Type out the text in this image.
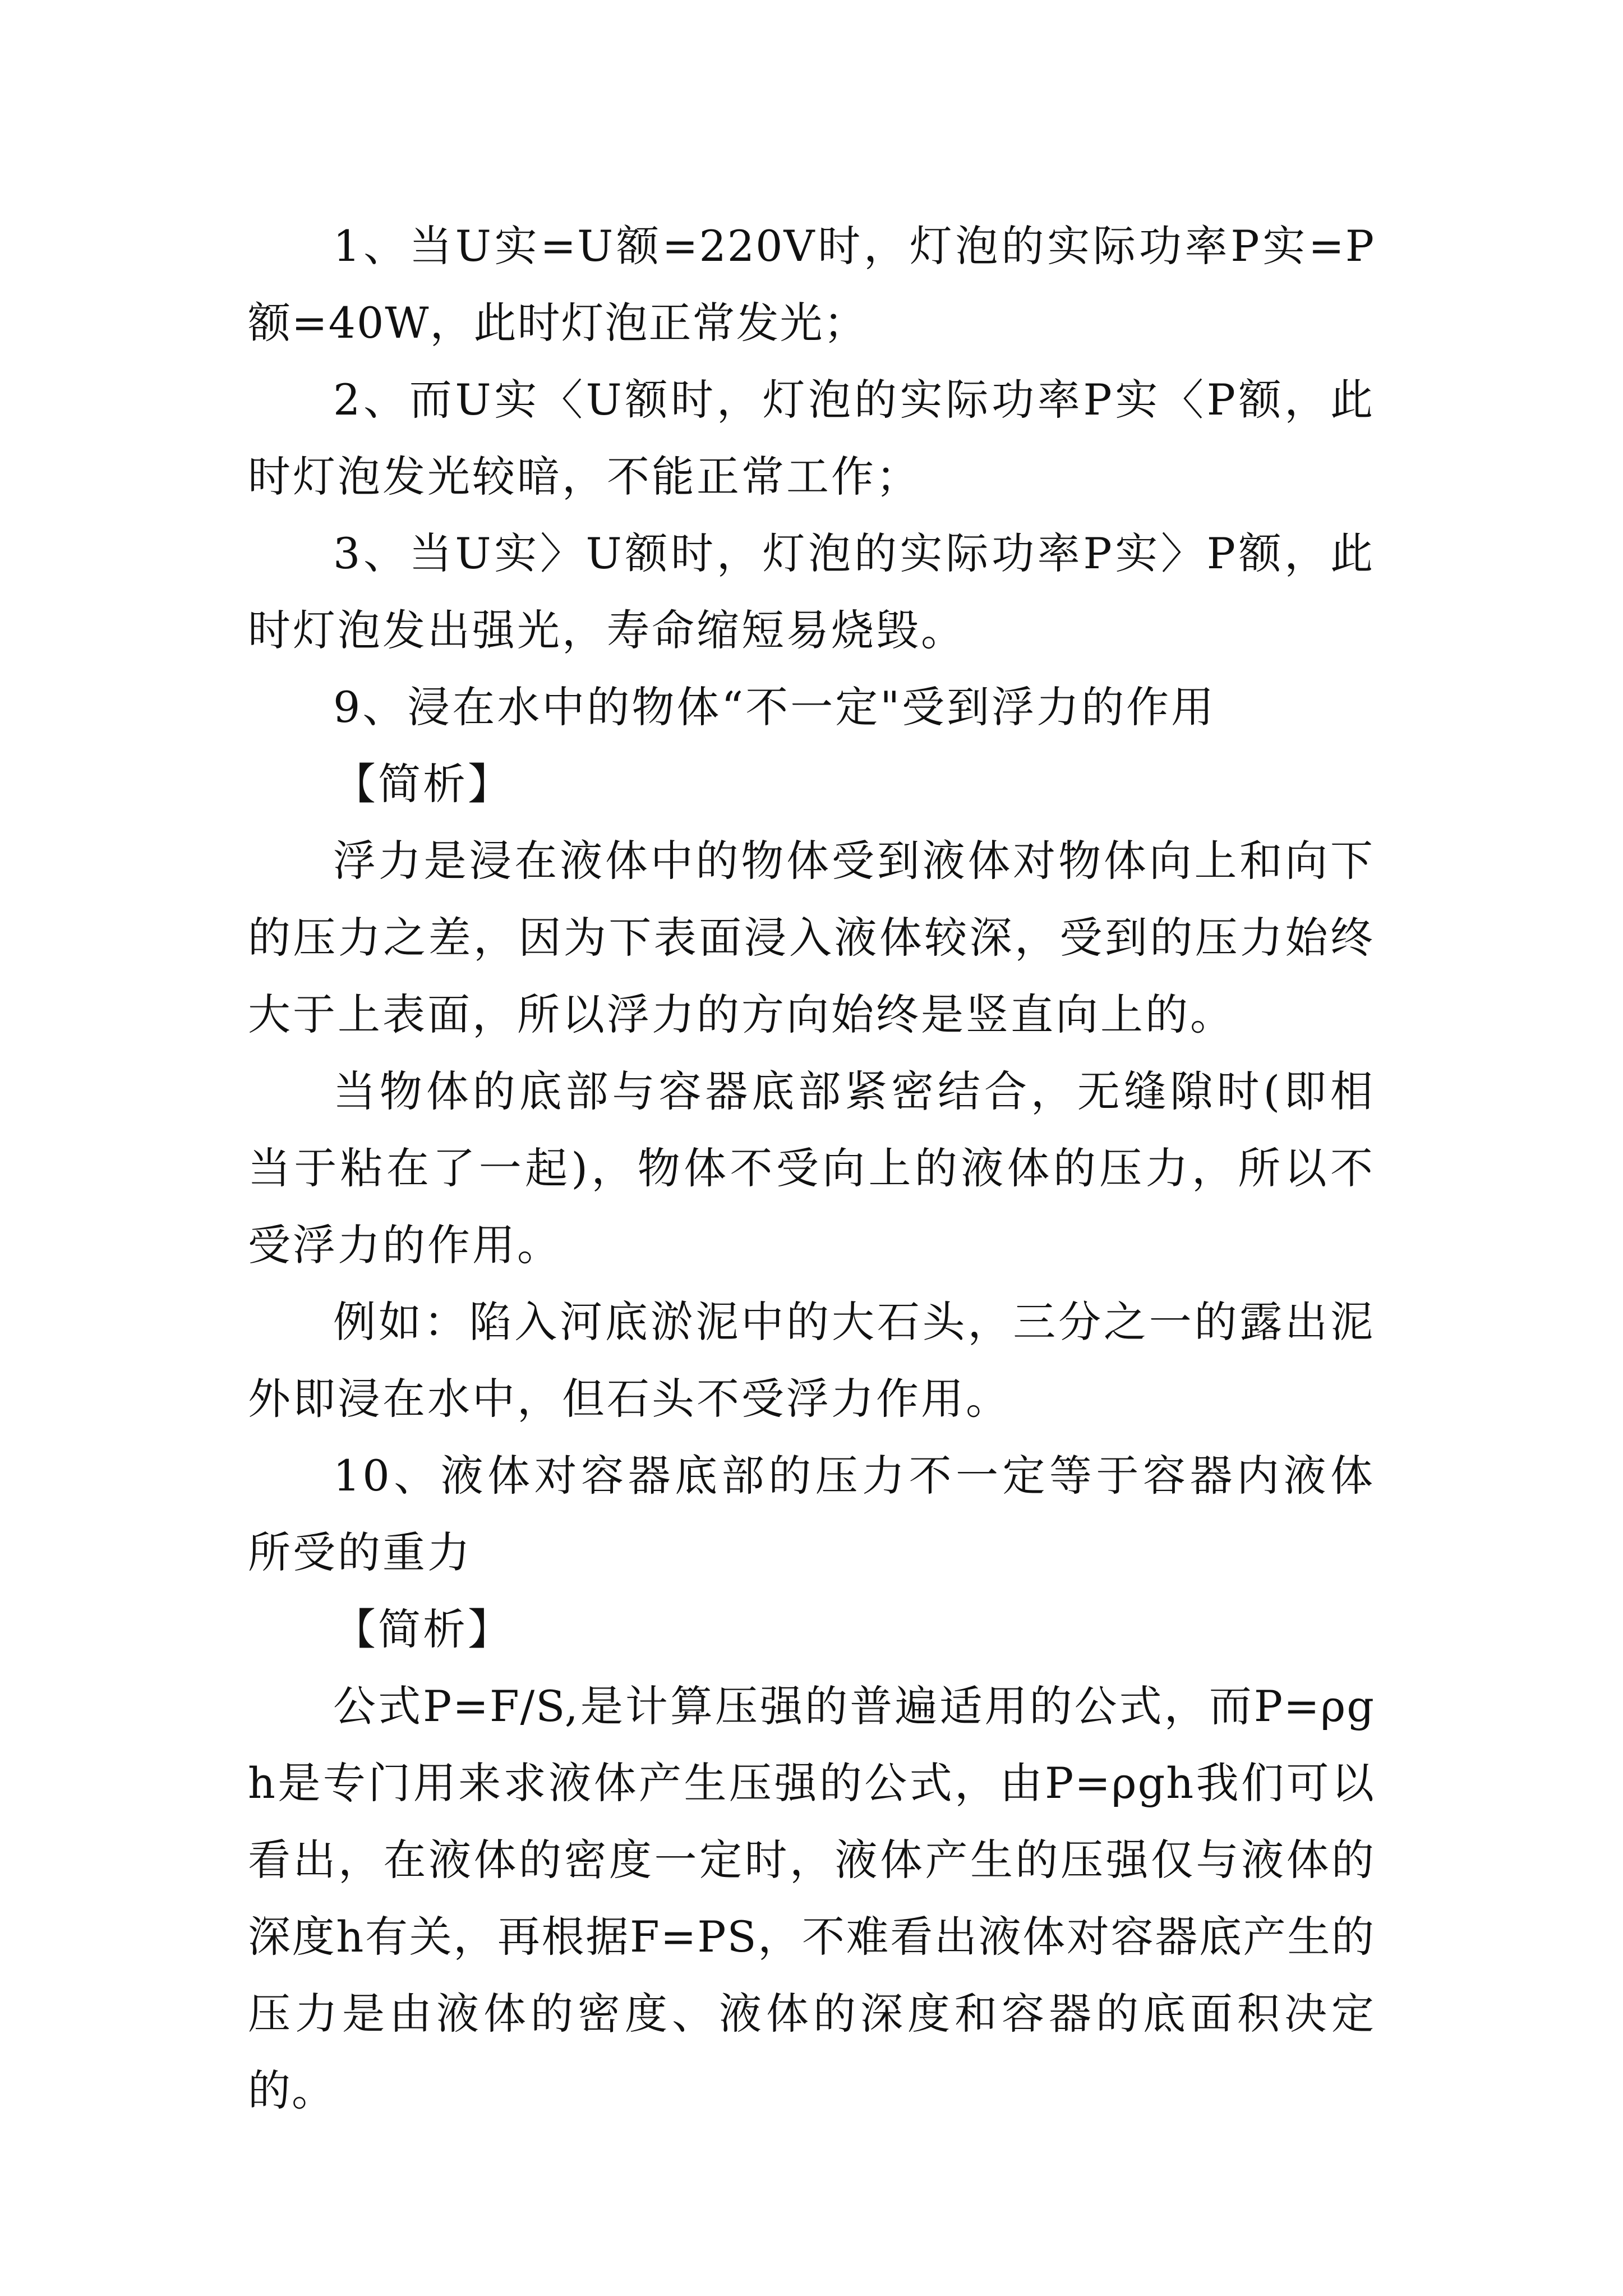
1、当U实=U额=220V时，灯泡的实际功率P实=P额=40W，此时灯泡正常发光；

2、而U实〈U额时，灯泡的实际功率P实〈P额，此时灯泡发光较暗，不能正常工作；

3、当U实〉U额时，灯泡的实际功率P实〉P额，此时灯泡发出强光，寿命缩短易烧毁。

9、浸在水中的物体“不一定"受到浮力的作用

【简析】

浮力是浸在液体中的物体受到液体对物体向上和向下的压力之差，因为下表面浸入液体较深，受到的压力始终大于上表面，所以浮力的方向始终是竖直向上的。

当物体的底部与容器底部紧密结合，无缝隙时(即相当于粘在了一起)，物体不受向上的液体的压力，所以不受浮力的作用。

例如：陷入河底淤泥中的大石头，三分之一的露出泥外即浸在水中，但石头不受浮力作用。

10、液体对容器底部的压力不一定等于容器内液体所受的重力

【简析】

公式P=F/S,是计算压强的普遍适用的公式，而P=ρgh是专门用来求液体产生压强的公式，由P=ρgh我们可以看出，在液体的密度一定时，液体产生的压强仅与液体的深度h有关，再根据F=PS，不难看出液体对容器底产生的压力是由液体的密度、液体的深度和容器的底面积决定的。
